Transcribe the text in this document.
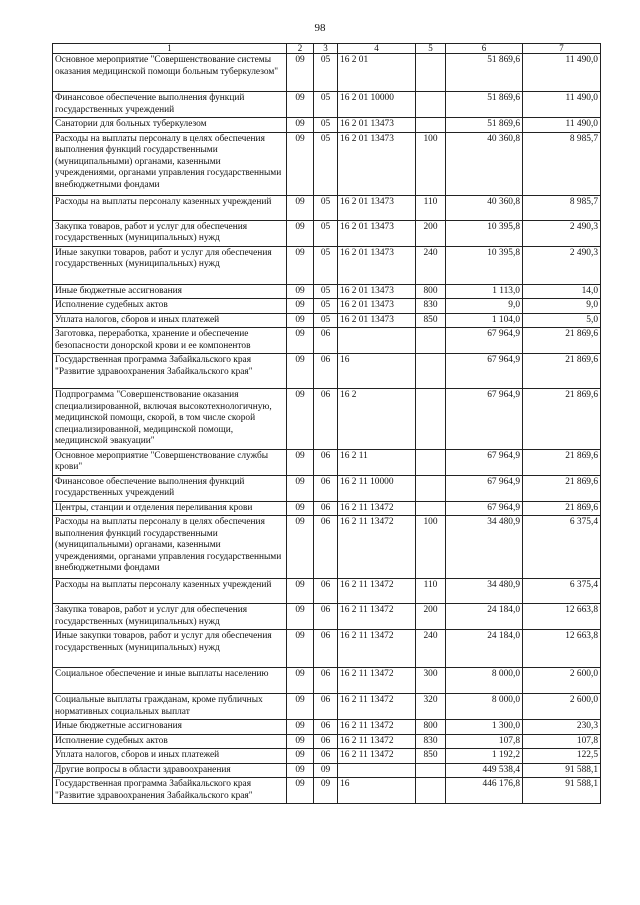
98
1	2	3	4	5	6	7
Основное мероприятие "Совершенствование системы оказания медицинской помощи больным туберкулезом"	09	05	16 2 01		51 869,6	11 490,0
Финансовое обеспечение выполнения функций государственных учреждений	09	05	16 2 01 10000		51 869,6	11 490,0
Санатории для больных туберкулезом	09	05	16 2 01 13473		51 869,6	11 490,0
Расходы на выплаты персоналу в целях обеспечения выполнения функций государственными (муниципальными) органами, казенными учреждениями, органами управления государственными внебюджетными фондами	09	05	16 2 01 13473	100	40 360,8	8 985,7
Расходы на выплаты персоналу казенных учреждений	09	05	16 2 01 13473	110	40 360,8	8 985,7
Закупка товаров, работ и услуг для обеспечения государственных (муниципальных) нужд	09	05	16 2 01 13473	200	10 395,8	2 490,3
Иные закупки товаров, работ и услуг для обеспечения государственных (муниципальных) нужд	09	05	16 2 01 13473	240	10 395,8	2 490,3
Иные бюджетные ассигнования	09	05	16 2 01 13473	800	1 113,0	14,0
Исполнение судебных актов	09	05	16 2 01 13473	830	9,0	9,0
Уплата налогов, сборов и иных платежей	09	05	16 2 01 13473	850	1 104,0	5,0
Заготовка, переработка, хранение и обеспечение безопасности донорской крови и ее компонентов	09	06			67 964,9	21 869,6
Государственная программа Забайкальского края "Развитие здравоохранения Забайкальского края"	09	06	16		67 964,9	21 869,6
Подпрограмма "Совершенствование оказания специализированной, включая высокотехнологичную, медицинской помощи, скорой, в том числе скорой специализированной, медицинской помощи, медицинской эвакуации"	09	06	16 2		67 964,9	21 869,6
Основное мероприятие "Совершенствование службы крови"	09	06	16 2 11		67 964,9	21 869,6
Финансовое обеспечение выполнения функций государственных учреждений	09	06	16 2 11 10000		67 964,9	21 869,6
Центры, станции и отделения переливания крови	09	06	16 2 11 13472		67 964,9	21 869,6
Расходы на выплаты персоналу в целях обеспечения выполнения функций государственными (муниципальными) органами, казенными учреждениями, органами управления государственными внебюджетными фондами	09	06	16 2 11 13472	100	34 480,9	6 375,4
Расходы на выплаты персоналу казенных учреждений	09	06	16 2 11 13472	110	34 480,9	6 375,4
Закупка товаров, работ и услуг для обеспечения государственных (муниципальных) нужд	09	06	16 2 11 13472	200	24 184,0	12 663,8
Иные закупки товаров, работ и услуг для обеспечения государственных (муниципальных) нужд	09	06	16 2 11 13472	240	24 184,0	12 663,8
Социальное обеспечение и иные выплаты населению	09	06	16 2 11 13472	300	8 000,0	2 600,0
Социальные выплаты гражданам, кроме публичных нормативных социальных выплат	09	06	16 2 11 13472	320	8 000,0	2 600,0
Иные бюджетные ассигнования	09	06	16 2 11 13472	800	1 300,0	230,3
Исполнение судебных актов	09	06	16 2 11 13472	830	107,8	107,8
Уплата налогов, сборов и иных платежей	09	06	16 2 11 13472	850	1 192,2	122,5
Другие вопросы в области здравоохранения	09	09			449 538,4	91 588,1
Государственная программа Забайкальского края "Развитие здравоохранения Забайкальского края"	09	09	16		446 176,8	91 588,1
